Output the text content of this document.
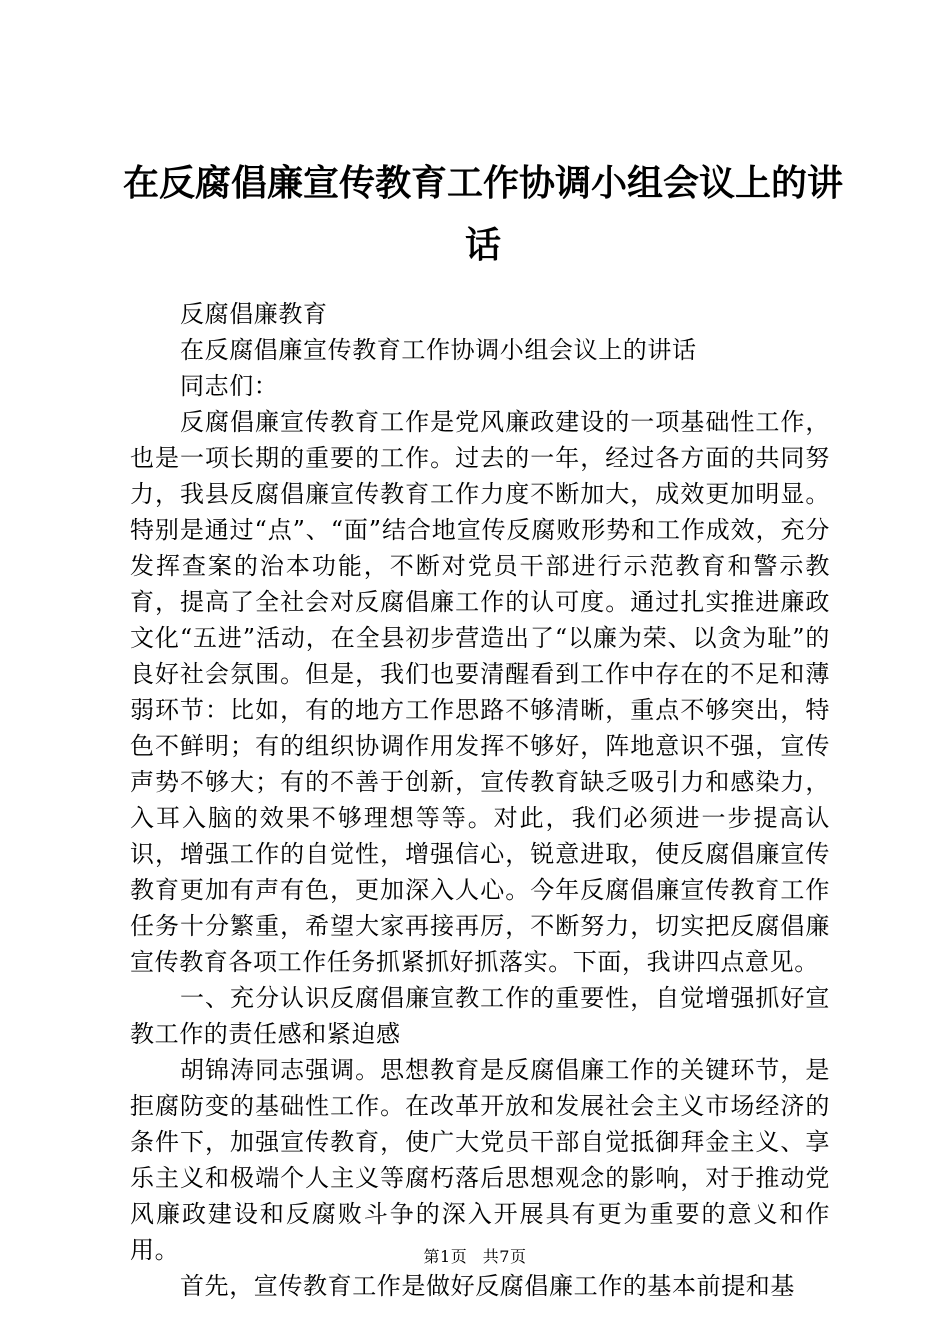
在反腐倡廉宣传教育工作协调小组会议上的讲话

反腐倡廉教育

在反腐倡廉宣传教育工作协调小组会议上的讲话

同志们：

反腐倡廉宣传教育工作是党风廉政建设的一项基础性工作，也是一项长期的重要的工作。过去的一年，经过各方面的共同努力，我县反腐倡廉宣传教育工作力度不断加大，成效更加明显。特别是通过“点”、“面”结合地宣传反腐败形势和工作成效，充分发挥查案的治本功能，不断对党员干部进行示范教育和警示教育，提高了全社会对反腐倡廉工作的认可度。通过扎实推进廉政文化“五进”活动，在全县初步营造出了“以廉为荣、以贪为耻”的良好社会氛围。但是，我们也要清醒看到工作中存在的不足和薄弱环节：比如，有的地方工作思路不够清晰，重点不够突出，特色不鲜明；有的组织协调作用发挥不够好，阵地意识不强，宣传声势不够大；有的不善于创新，宣传教育缺乏吸引力和感染力，入耳入脑的效果不够理想等等。对此，我们必须进一步提高认识，增强工作的自觉性，增强信心，锐意进取，使反腐倡廉宣传教育更加有声有色，更加深入人心。今年反腐倡廉宣传教育工作任务十分繁重，希望大家再接再厉，不断努力，切实把反腐倡廉宣传教育各项工作任务抓紧抓好抓落实。下面，我讲四点意见。

一、充分认识反腐倡廉宣教工作的重要性，自觉增强抓好宣教工作的责任感和紧迫感

胡锦涛同志强调。思想教育是反腐倡廉工作的关键环节，是拒腐防变的基础性工作。在改革开放和发展社会主义市场经济的条件下，加强宣传教育，使广大党员干部自觉抵御拜金主义、享乐主义和极端个人主义等腐朽落后思想观念的影响，对于推动党风廉政建设和反腐败斗争的深入开展具有更为重要的意义和作用。

首先，宣传教育工作是做好反腐倡廉工作的基本前提和基

第1页 共7页
